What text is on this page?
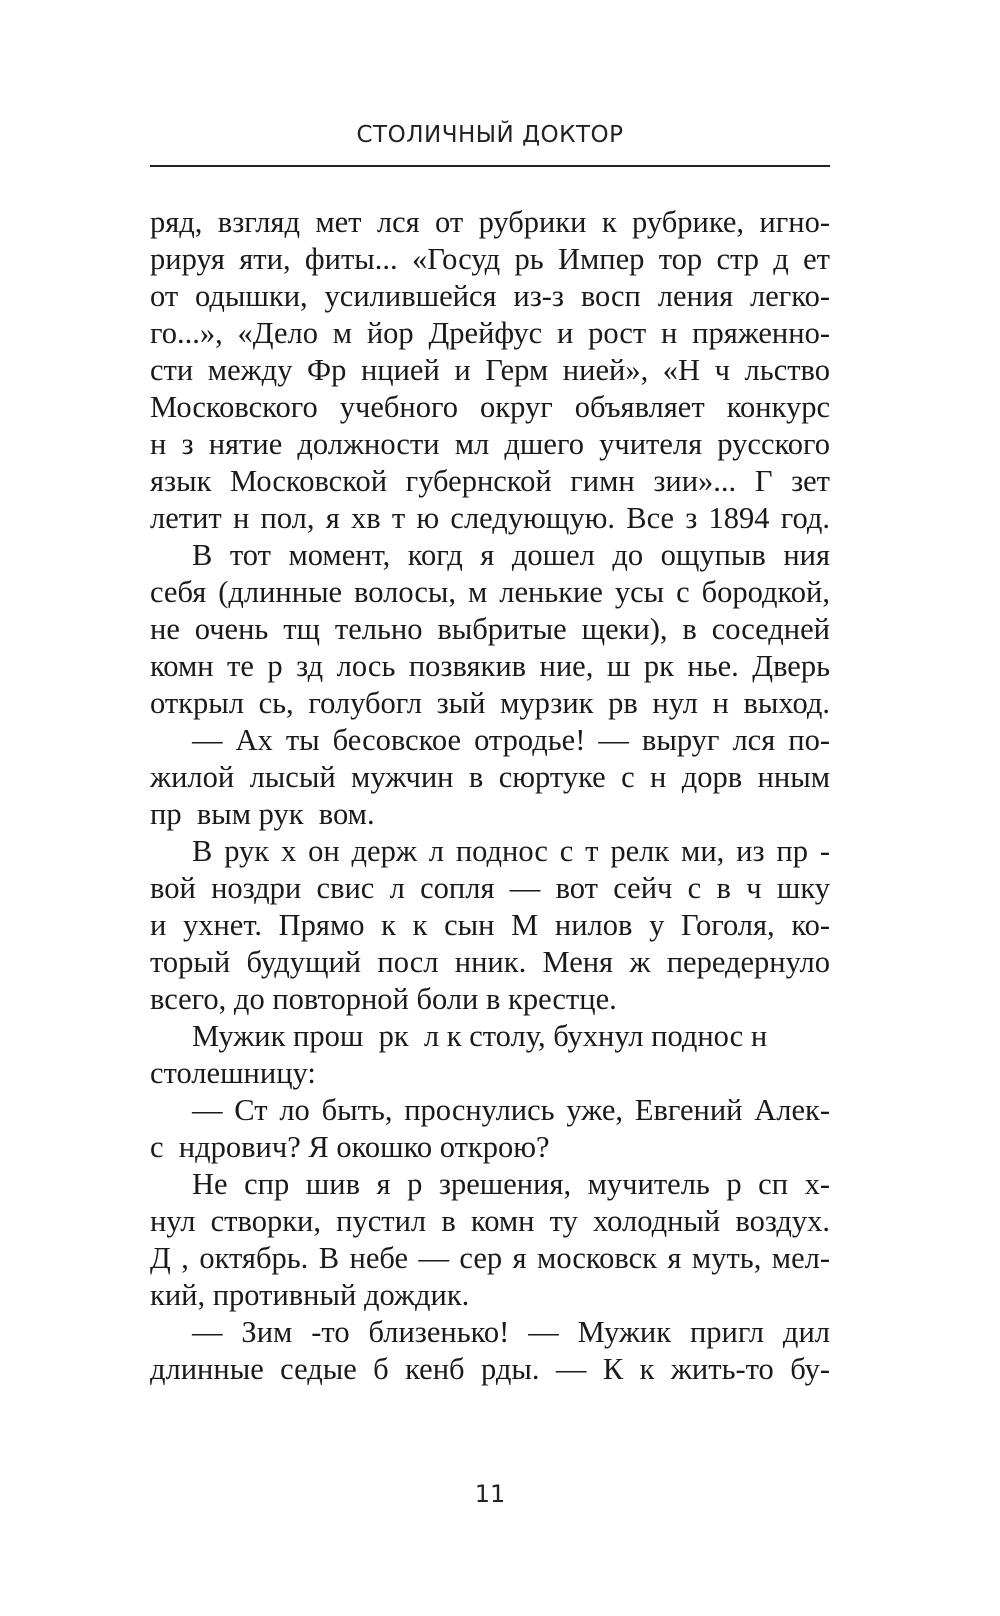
СТОЛИЧНЫЙ ДОКТОР
ряд, взгляд мет лся от рубрики к рубрике, игно-
рируя яти, фиты... «Госуд рь Импер тор стр д ет
от одышки, усилившейся из-з восп ления легко-
го...», «Дело м йор Дрейфус и рост н пряженно-
сти между Фр нцией и Герм нией», «Н ч льство
Московского учебного округ объявляет конкурс
н з нятие должности мл дшего учителя русского
язык Московской губернской гимн зии»... Г зет
летит н пол, я хв т ю следующую. Все з 1894 год.
В тот момент, когд я дошел до ощупыв ния
себя (длинные волосы, м ленькие усы с бородкой,
не очень тщ тельно выбритые щеки), в соседней
комн те р зд лось позвякив ние, ш рк нье. Дверь
открыл сь, голубогл зый мурзик рв нул н выход.
— Ах ты бесовское отродье! — выруг лся по-
жилой лысый мужчин в сюртуке с н дорв нным
пр  вым рук  вом.
В рук х он держ л поднос с т релк ми, из пр -
вой ноздри свис л сопля — вот сейч с в ч шку
и ухнет. Прямо к к сын М нилов у Гоголя, ко-
торый будущий посл нник. Меня ж передернуло
всего, до повторной боли в крестце.
Мужик прош  рк  л к столу, бухнул поднос н
столешницу:
— Ст ло быть, проснулись уже, Евгений Алек-
с  ндрович? Я окошко открою?
Не спр шив я р зрешения, мучитель р сп х-
нул створки, пустил в комн ту холодный воздух.
Д , октябрь. В небе — сер я московск я муть, мел-
кий, противный дождик.
— Зим -то близенько! — Мужик пригл дил
длинные седые б кенб рды. — К к жить-то бу-
11
